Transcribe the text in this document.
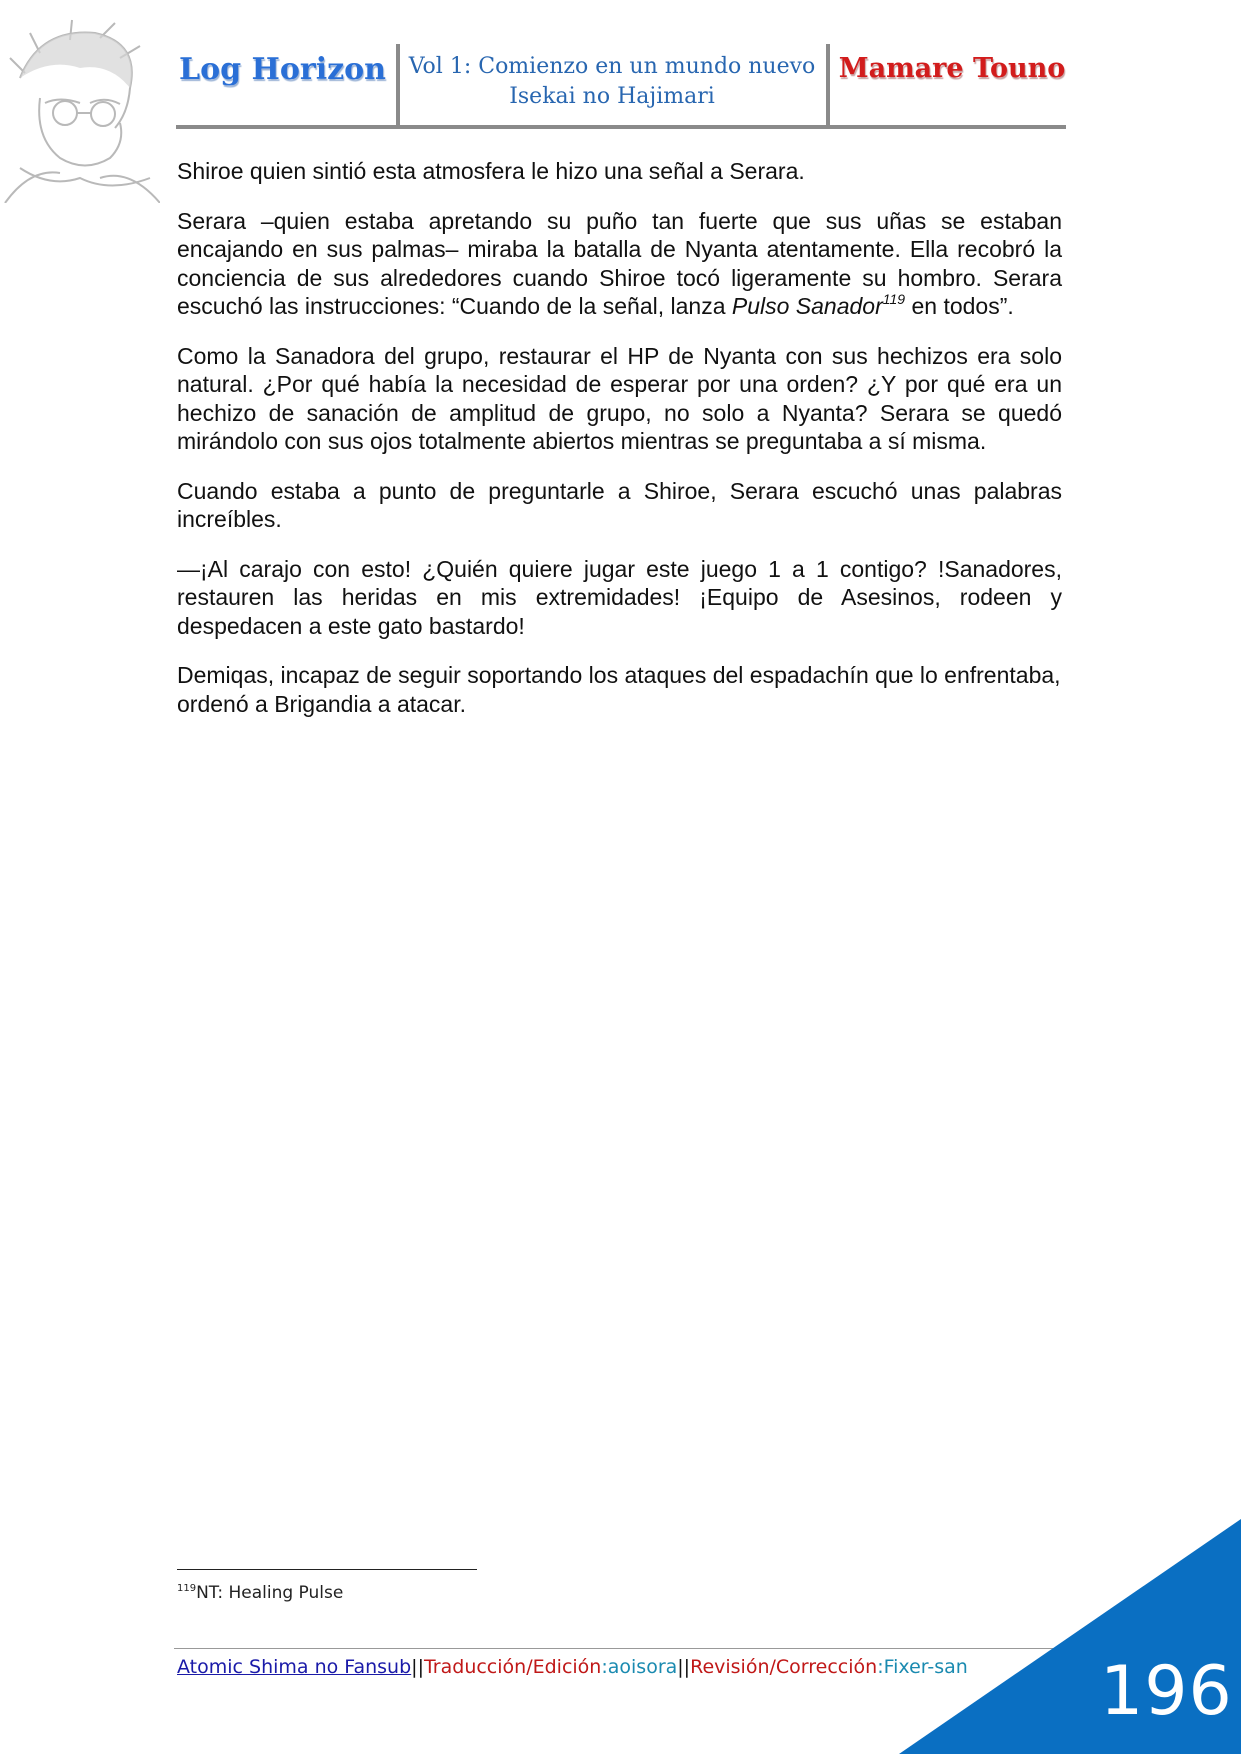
Log Horizon	Vol 1: Comienzo en un mundo nuevo
Isekai no Hajimari
Mamare Touno

Shiroe quien sintió esta atmosfera le hizo una señal a Serara.

Serara –quien estaba apretando su puño tan fuerte que sus uñas se estaban encajando en sus palmas– miraba la batalla de Nyanta atentamente. Ella recobró la conciencia de sus alrededores cuando Shiroe tocó ligeramente su hombro. Serara escuchó las instrucciones: “Cuando de la señal, lanza Pulso Sanador$^{119}$ en todos”.

Como la Sanadora del grupo, restaurar el HP de Nyanta con sus hechizos era solo natural. ¿Por qué había la necesidad de esperar por una orden? ¿Y por qué era un hechizo de sanación de amplitud de grupo, no solo a Nyanta? Serara se quedó mirándolo con sus ojos totalmente abiertos mientras se preguntaba a sí misma.

Cuando estaba a punto de preguntarle a Shiroe, Serara escuchó unas palabras increíbles.

—¡Al carajo con esto! ¿Quién quiere jugar este juego 1 a 1 contigo? !Sanadores, restauren las heridas en mis extremidades! ¡Equipo de Asesinos, rodeen y despedacen a este gato bastardo!

Demiqas, incapaz de seguir soportando los ataques del espadachín que lo enfrentaba, ordenó a Brigandia a atacar.

$^{119}$NT: Healing Pulse
Atomic Shima no Fansub||Traducción/Edición:aoisora||Revisión/Corrección:Fixer-san 196
